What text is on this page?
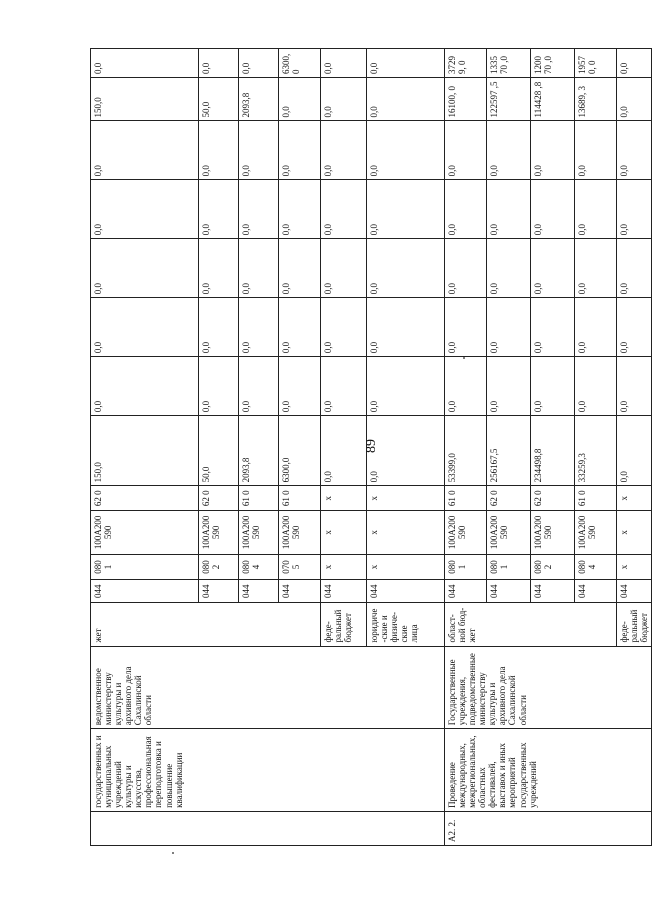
89
	государственных и муниципальных учреждений культуры и искусства, профессиональная переподготовка и повышение квалификации	ведомственное министерству культуры и архивного дела Сахалинской области	жет	044	080 1	100А200 590	62 0	150,0	0,0	0,0	0,0	0,0	0,0	150,0	0,0
				044	080 2	100А200 590	62 0	50,0	0,0	0,0	0,0	0,0	0,0	50,0	0,0
				044	080 4	100А200 590	61 0	2093,8	0,0	0,0	0,0	0,0	0,0	2093,8	0,0
				044	070 5	100А200 590	61 0	6300,0	0,0	0,0	0,0	0,0	0,0	0,0	6300,0
			феде-ральный бюджет	044	х	х	х	0,0	0,0	0,0	0,0	0,0	0,0	0,0	0,0
			юридиче-ские и физиче-ские лица	044	х	х	х	0,0	0,0	0,0	0,0	0,0	0,0	0,0	0,0
А2. 2.	Проведение международных, межрегиональных, областных фестивалей, выставок и иных мероприятий государственных учреждений	Государственные учреждения, подведомственные министерству культуры и архивного дела Сахалинской области	област-ной бюд-жет	044	080 1	100А200 590	61 0	53399,0	0,0	0,0	0,0	0,0	0,0	16100, 0	37299, 0
				044	080 1	100А200 590	62 0	256167,5	0,0	0,0	0,0	0,0	0,0	122597 ,5	133570 ,0
				044	080 2	100А200 590	62 0	234498,8	0,0	0,0	0,0	0,0	0,0	114428 ,8	120070 ,0
				044	080 4	100А200 590	61 0	33259,3	0,0	0,0	0,0	0,0	0,0	13689, 3	19570, 0
			феде-ральный бюджет	044	х	х	х	0,0	0,0	0,0	0,0	0,0	0,0	0,0	0,0
